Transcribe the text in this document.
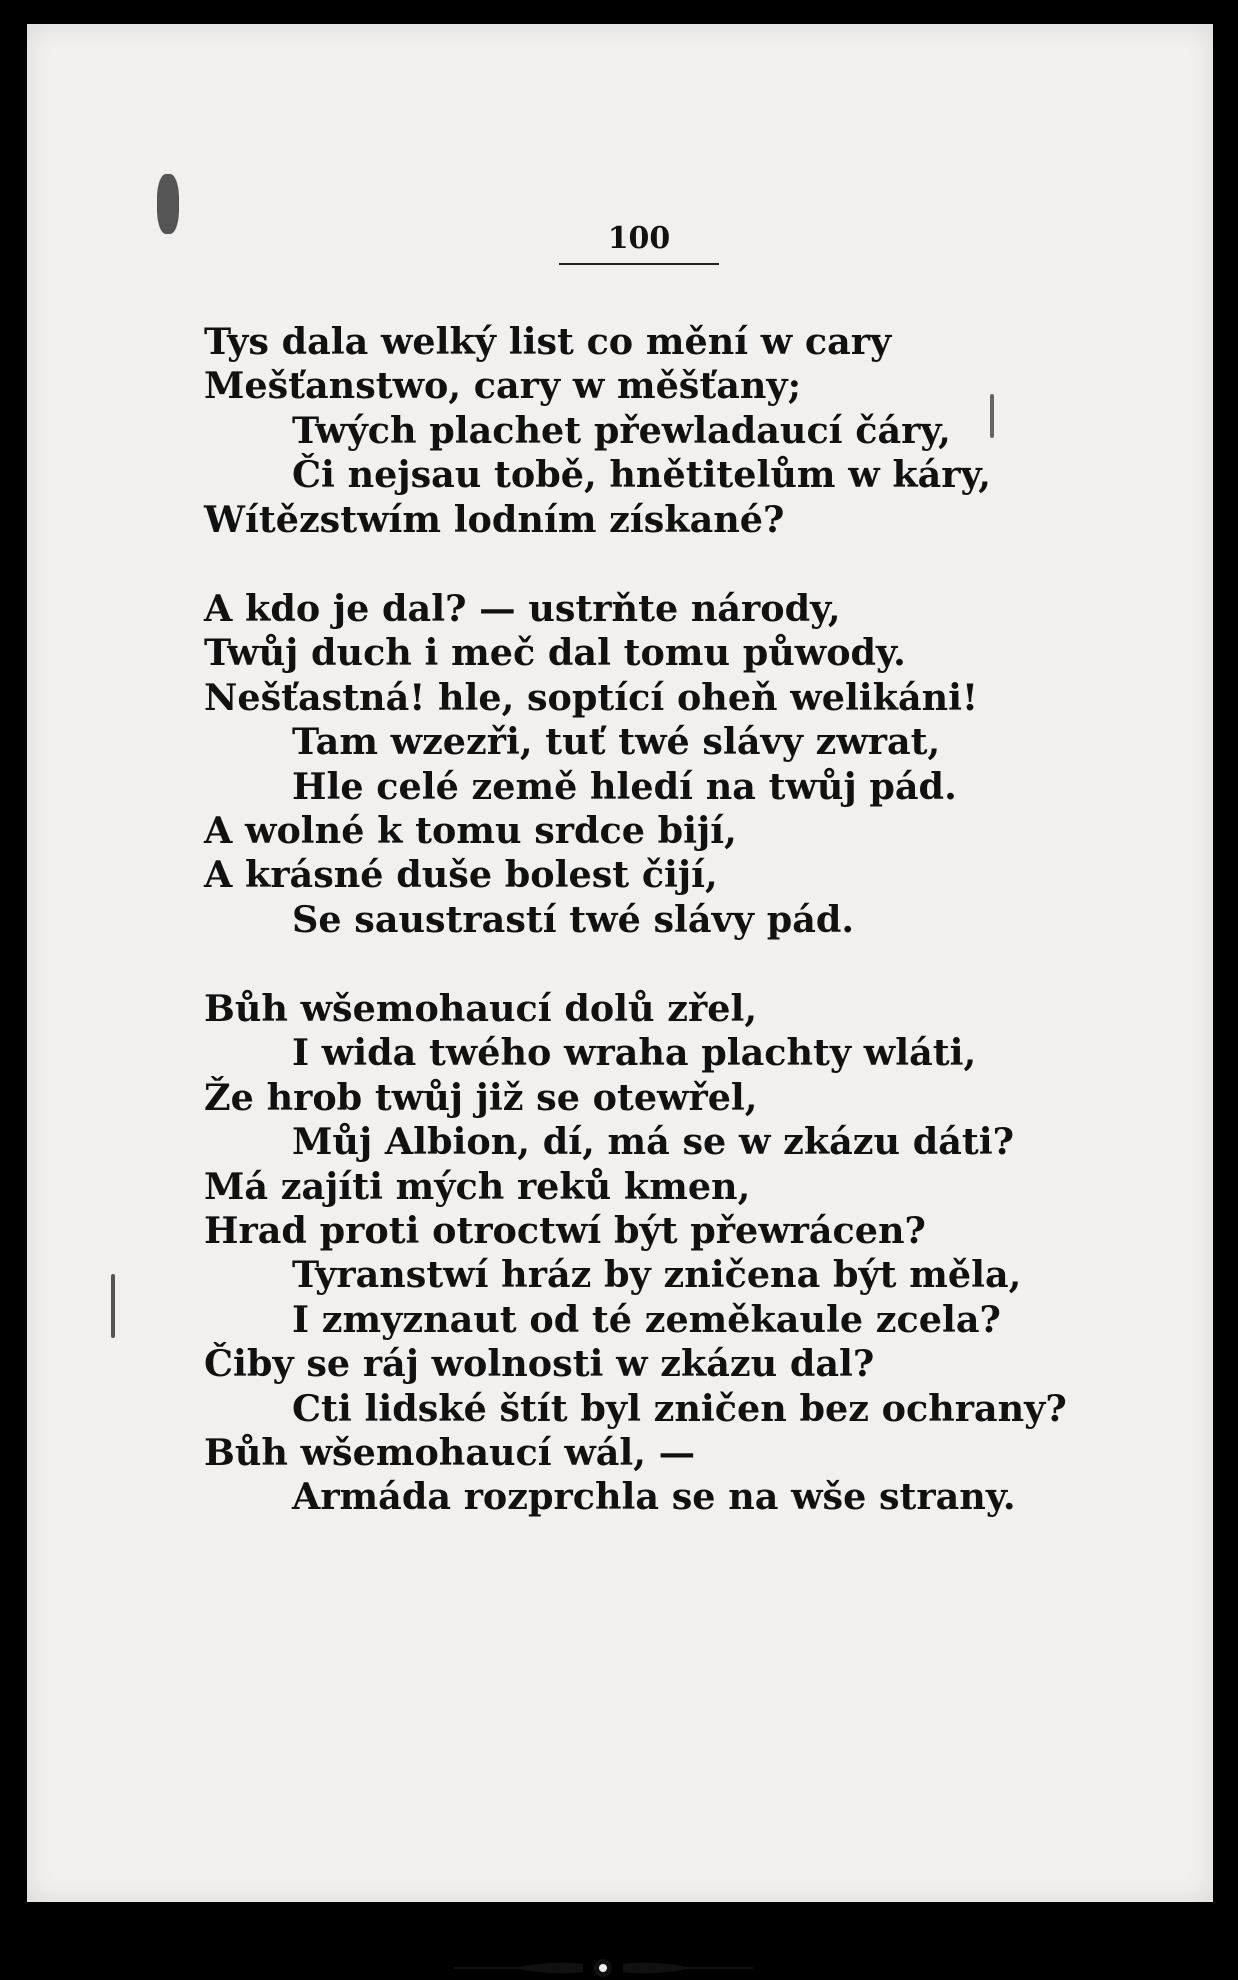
100
Tys dala welký list co mění w cary
Mešťanstwo, cary w měšťany;
Twých plachet přewladaucí čáry,
Či nejsau tobě, hnětitelům w káry,
Wítězstwím lodním získané?
A kdo je dal? — ustrňte národy,
Twůj duch i meč dal tomu půwody.
Nešťastná! hle, soptící oheň welikáni!
Tam wzezři, tuť twé slávy zwrat,
Hle celé země hledí na twůj pád.
A wolné k tomu srdce bijí,
A krásné duše bolest čijí,
Se saustrastí twé slávy pád.
Bůh wšemohaucí dolů zřel,
I wida twého wraha plachty wláti,
Že hrob twůj již se otewřel,
Můj Albion, dí, má se w zkázu dáti?
Má zajíti mých reků kmen,
Hrad proti otroctwí být přewrácen?
Tyranstwí hráz by zničena být měla,
I zmyznaut od té zeměkaule zcela?
Čiby se ráj wolnosti w zkázu dal?
Cti lidské štít byl zničen bez ochrany?
Bůh wšemohaucí wál, —
Armáda rozprchla se na wše strany.
